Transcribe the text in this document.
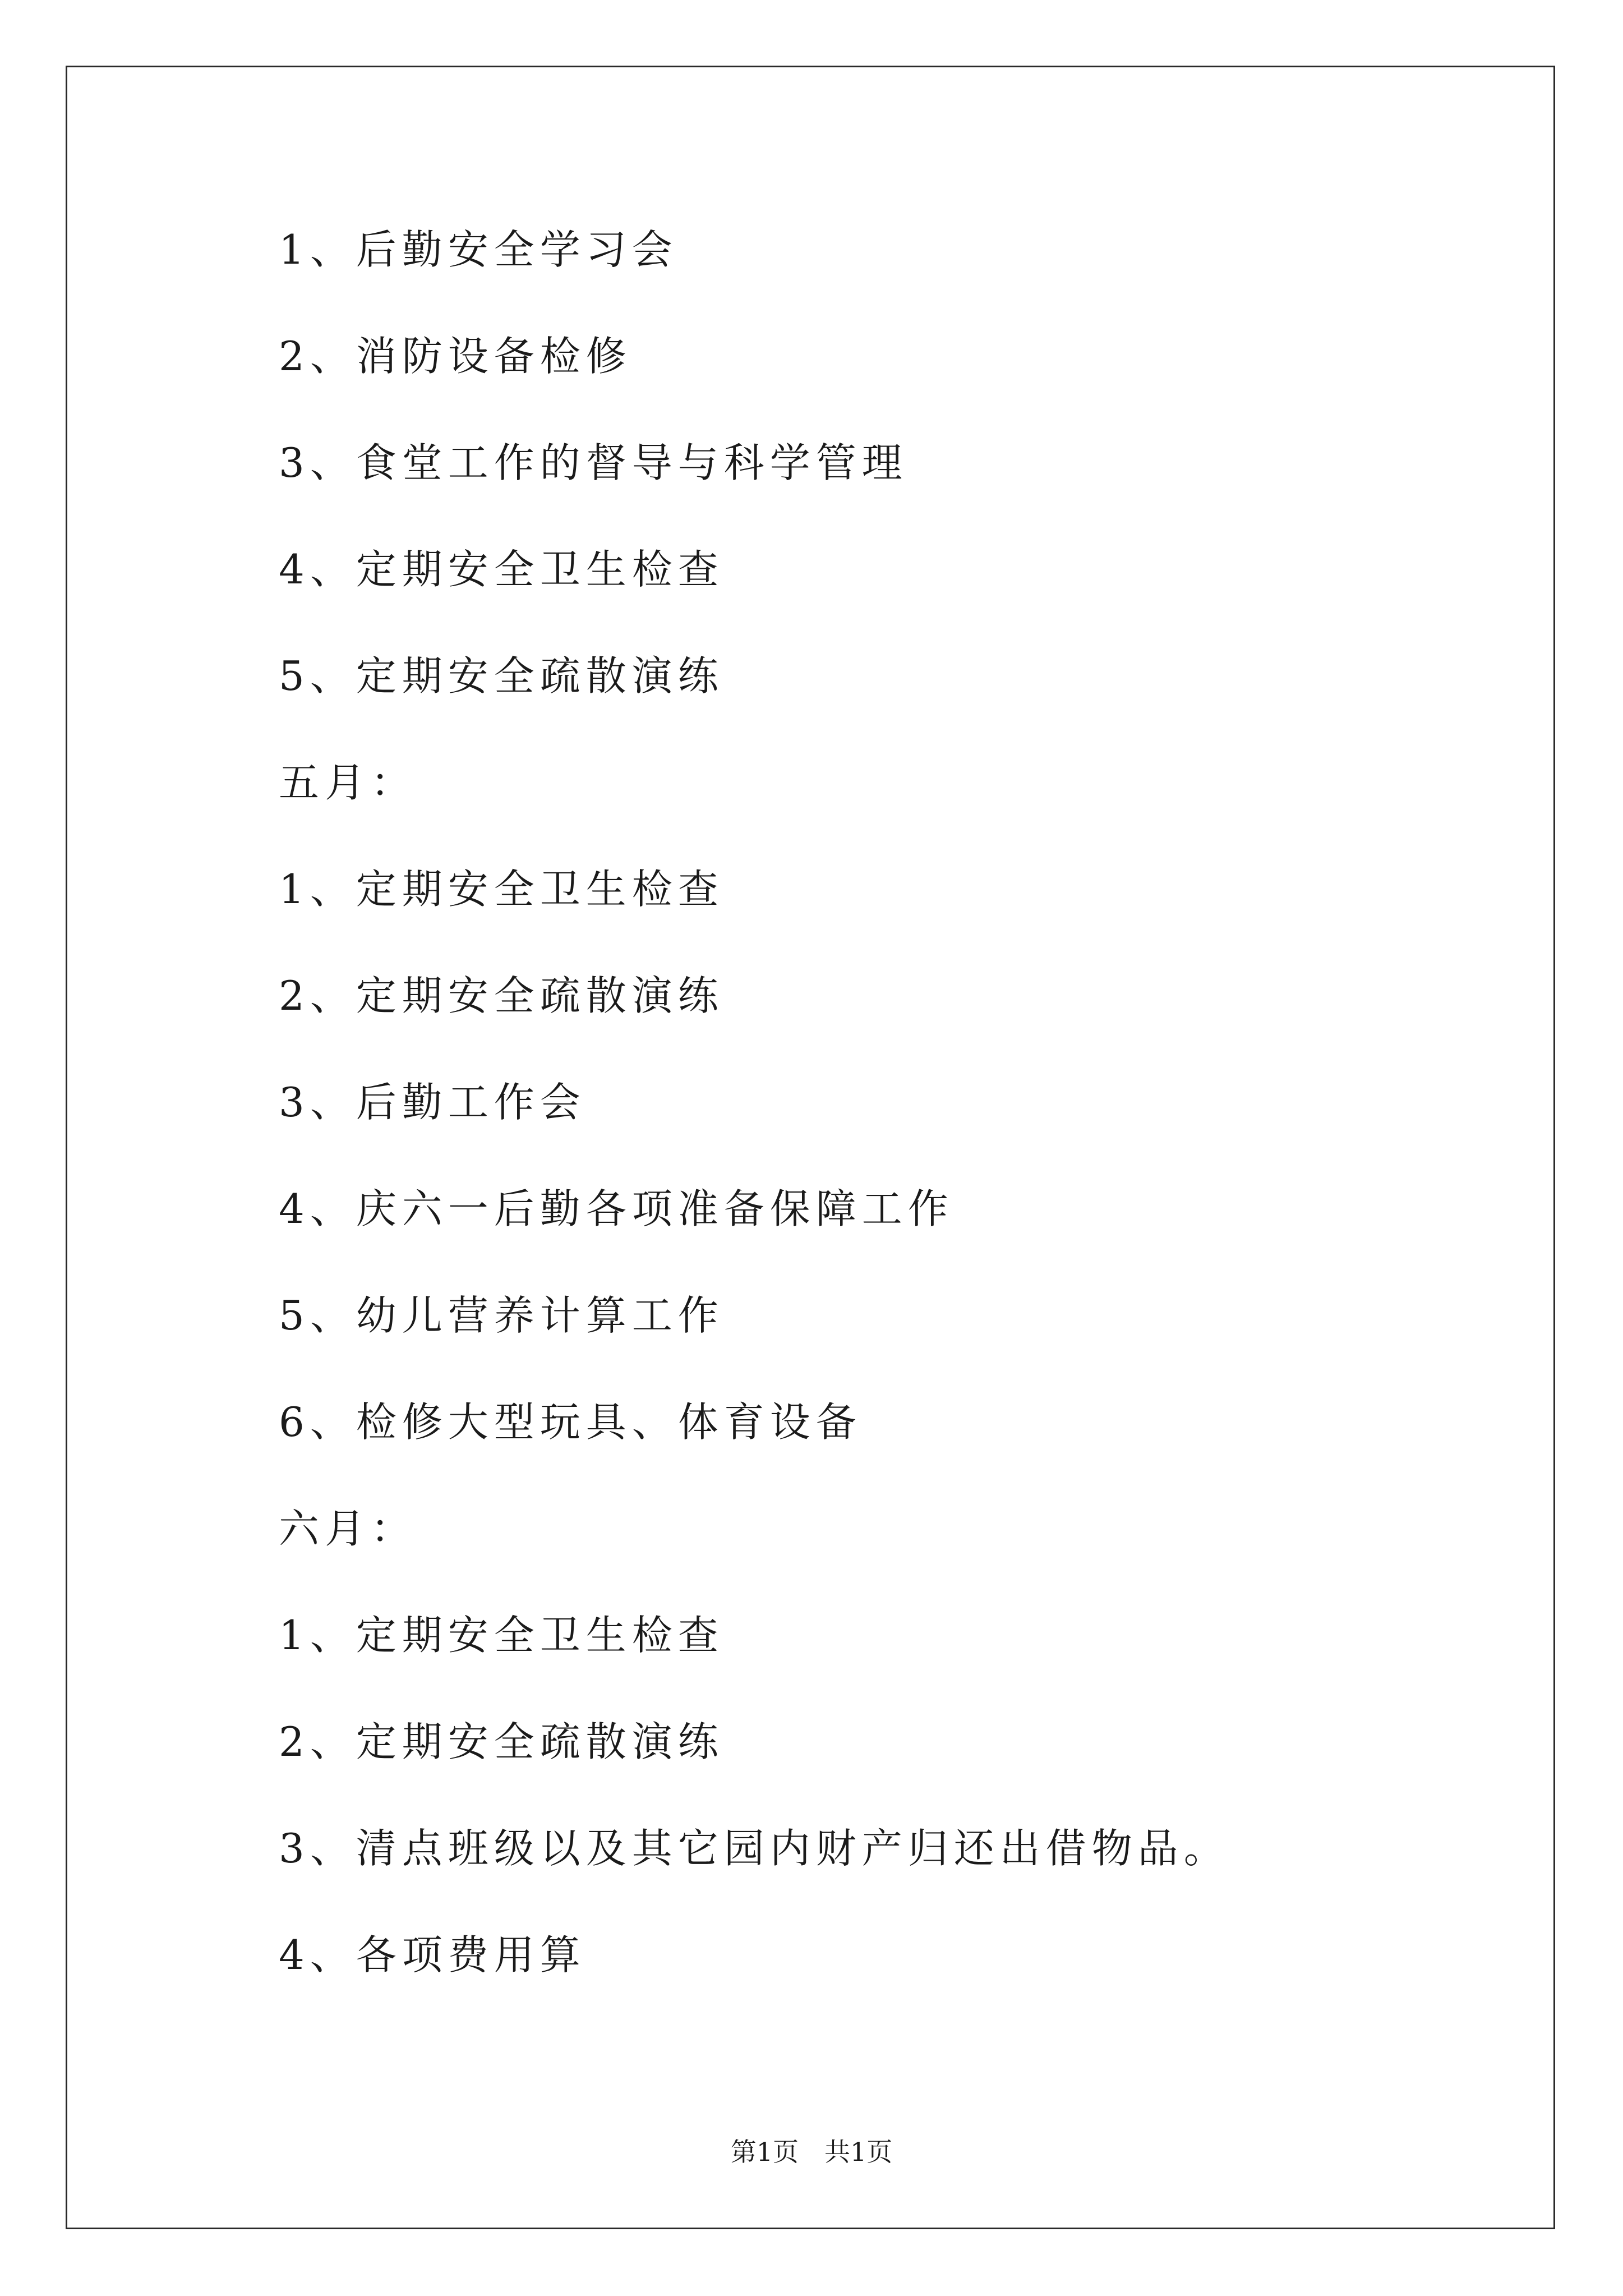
1、后勤安全学习会
2、消防设备检修
3、食堂工作的督导与科学管理
4、定期安全卫生检查
5、定期安全疏散演练
五月：
1、定期安全卫生检查
2、定期安全疏散演练
3、后勤工作会
4、庆六一后勤各项准备保障工作
5、幼儿营养计算工作
6、检修大型玩具、体育设备
六月：
1、定期安全卫生检查
2、定期安全疏散演练
3、清点班级以及其它园内财产归还出借物品。
4、各项费用算
第1页 共1页
